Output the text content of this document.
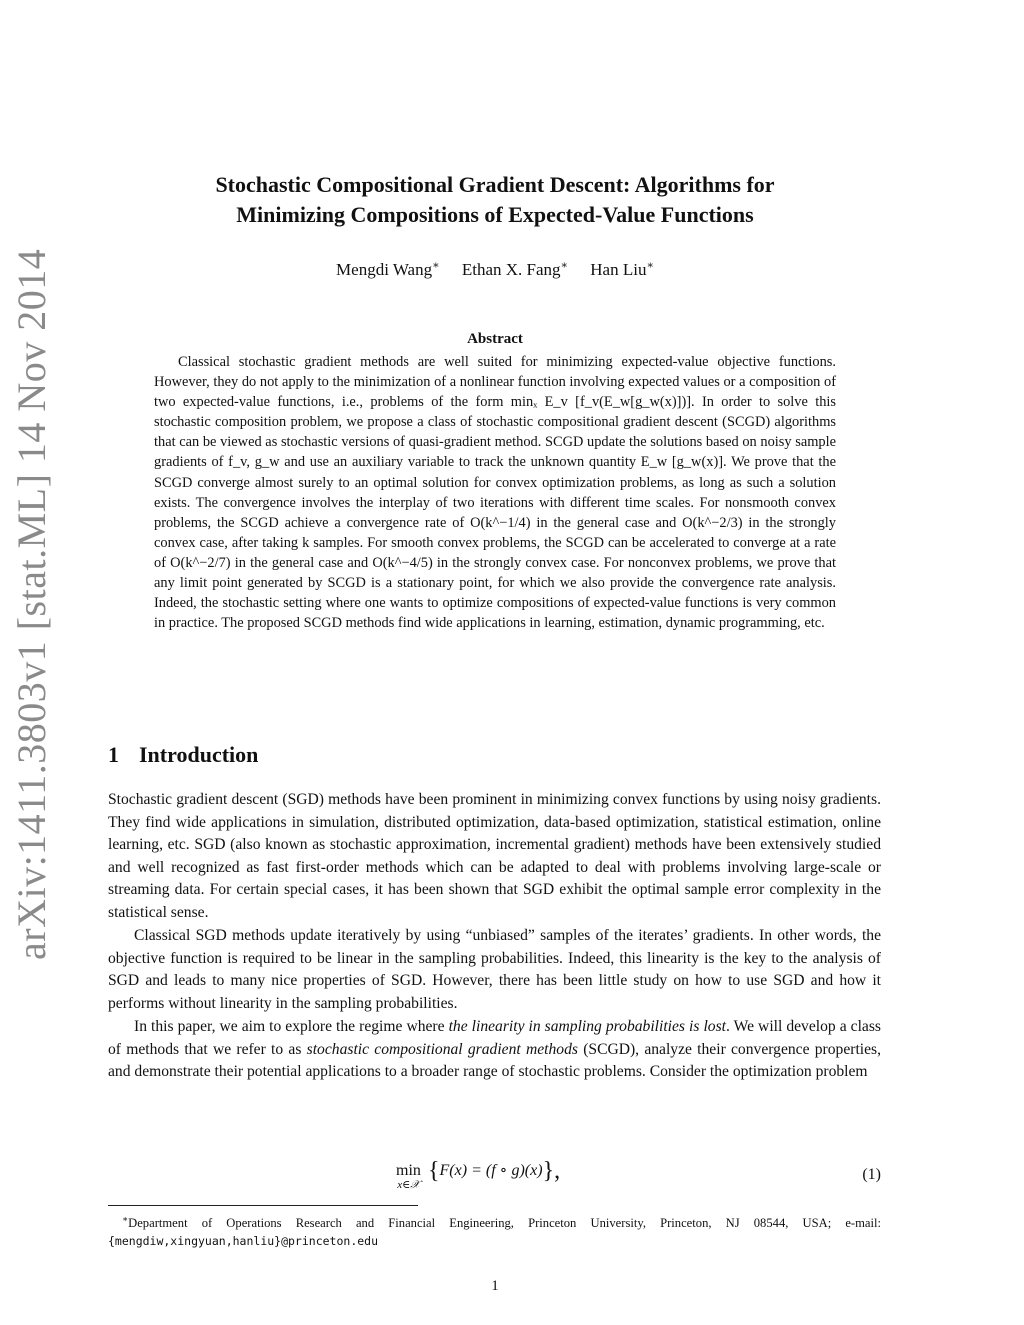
arXiv:1411.3803v1 [stat.ML] 14 Nov 2014
Stochastic Compositional Gradient Descent: Algorithms for
Minimizing Compositions of Expected-Value Functions
Mengdi Wang∗ Ethan X. Fang∗ Han Liu∗
Abstract

Classical stochastic gradient methods are well suited for minimizing expected-value objective functions. However, they do not apply to the minimization of a nonlinear function involving expected values or a composition of two expected-value functions, i.e., problems of the form minₓ E_v [f_v(E_w[g_w(x)])]. In order to solve this stochastic composition problem, we propose a class of stochastic compositional gradient descent (SCGD) algorithms that can be viewed as stochastic versions of quasi-gradient method. SCGD update the solutions based on noisy sample gradients of f_v, g_w and use an auxiliary variable to track the unknown quantity E_w [g_w(x)]. We prove that the SCGD converge almost surely to an optimal solution for convex optimization problems, as long as such a solution exists. The convergence involves the interplay of two iterations with different time scales. For nonsmooth convex problems, the SCGD achieve a convergence rate of O(k^−1/4) in the general case and O(k^−2/3) in the strongly convex case, after taking k samples. For smooth convex problems, the SCGD can be accelerated to converge at a rate of O(k^−2/7) in the general case and O(k^−4/5) in the strongly convex case. For nonconvex problems, we prove that any limit point generated by SCGD is a stationary point, for which we also provide the convergence rate analysis. Indeed, the stochastic setting where one wants to optimize compositions of expected-value functions is very common in practice. The proposed SCGD methods find wide applications in learning, estimation, dynamic programming, etc.

1 Introduction

Stochastic gradient descent (SGD) methods have been prominent in minimizing convex functions by using noisy gradients. They find wide applications in simulation, distributed optimization, data-based optimization, statistical estimation, online learning, etc. SGD (also known as stochastic approximation, incremental gradient) methods have been extensively studied and well recognized as fast first-order methods which can be adapted to deal with problems involving large-scale or streaming data. For certain special cases, it has been shown that SGD exhibit the optimal sample error complexity in the statistical sense.

Classical SGD methods update iteratively by using “unbiased” samples of the iterates’ gradients. In other words, the objective function is required to be linear in the sampling probabilities. Indeed, this linearity is the key to the analysis of SGD and leads to many nice properties of SGD. However, there has been little study on how to use SGD and how it performs without linearity in the sampling probabilities.

In this paper, we aim to explore the regime where the linearity in sampling probabilities is lost. We will develop a class of methods that we refer to as stochastic compositional gradient methods (SCGD), analyze their convergence properties, and demonstrate their potential applications to a broader range of stochastic problems. Consider the optimization problem

min
x∈𝒳
{F(x) = (f ∘ g)(x)},	(1)

∗Department of Operations Research and Financial Engineering, Princeton University, Princeton, NJ 08544, USA; e-mail: {mengdiw,xingyuan,hanliu}@princeton.edu

1
